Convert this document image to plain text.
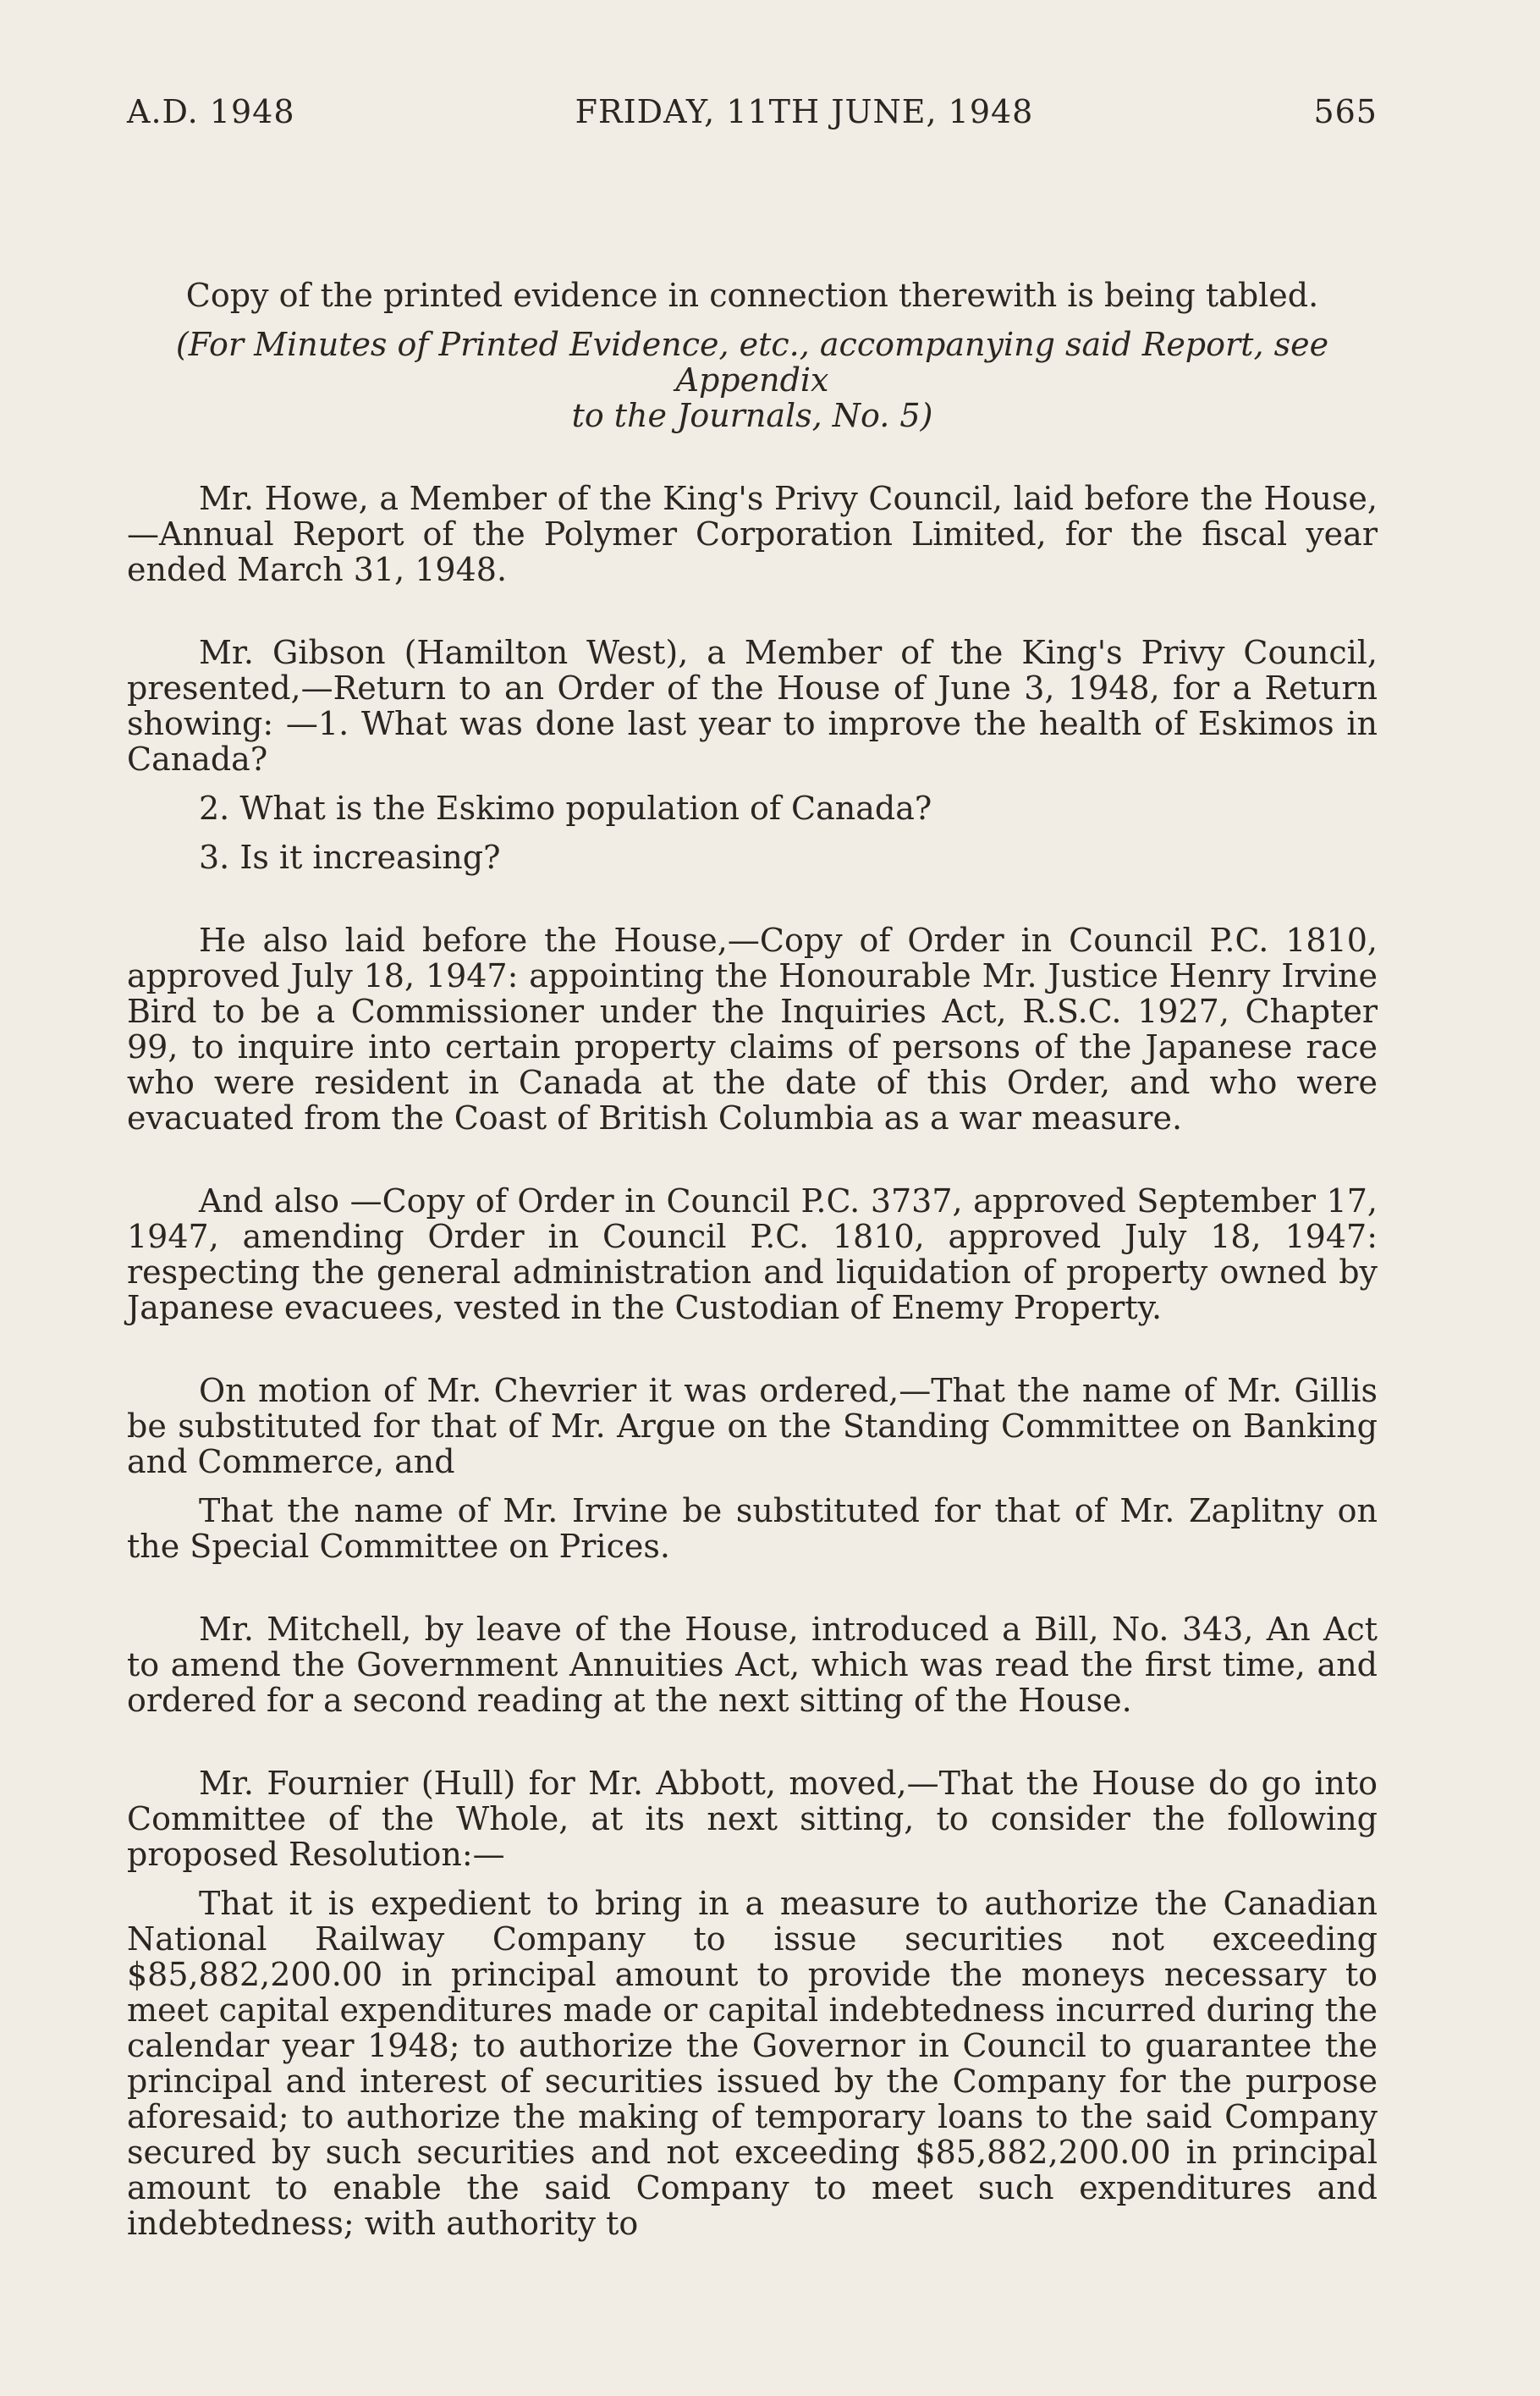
A.D. 1948	FRIDAY, 11TH JUNE, 1948	565

Copy of the printed evidence in connection therewith is being tabled.

(For Minutes of Printed Evidence, etc., accompanying said Report, see Appendix

to the Journals, No. 5)

Mr. Howe, a Member of the King's Privy Council, laid before the House,—Annual Report of the Polymer Corporation Limited, for the fiscal year ended March 31, 1948.

Mr. Gibson (Hamilton West), a Member of the King's Privy Council, presented,—Return to an Order of the House of June 3, 1948, for a Return showing: —1. What was done last year to improve the health of Eskimos in Canada?

2. What is the Eskimo population of Canada?

3. Is it increasing?

He also laid before the House,—Copy of Order in Council P.C. 1810, approved July 18, 1947: appointing the Honourable Mr. Justice Henry Irvine Bird to be a Commissioner under the Inquiries Act, R.S.C. 1927, Chapter 99, to inquire into certain property claims of persons of the Japanese race who were resident in Canada at the date of this Order, and who were evacuated from the Coast of British Columbia as a war measure.

And also —Copy of Order in Council P.C. 3737, approved September 17, 1947, amending Order in Council P.C. 1810, approved July 18, 1947: respecting the general administration and liquidation of property owned by Japanese evacuees, vested in the Custodian of Enemy Property.

On motion of Mr. Chevrier it was ordered,—That the name of Mr. Gillis be substituted for that of Mr. Argue on the Standing Committee on Banking and Commerce, and

That the name of Mr. Irvine be substituted for that of Mr. Zaplitny on the Special Committee on Prices.

Mr. Mitchell, by leave of the House, introduced a Bill, No. 343, An Act to amend the Government Annuities Act, which was read the first time, and ordered for a second reading at the next sitting of the House.

Mr. Fournier (Hull) for Mr. Abbott, moved,—That the House do go into Committee of the Whole, at its next sitting, to consider the following proposed Resolution:—

That it is expedient to bring in a measure to authorize the Canadian National Railway Company to issue securities not exceeding $85,882,200.00 in principal amount to provide the moneys necessary to meet capital expenditures made or capital indebtedness incurred during the calendar year 1948; to authorize the Governor in Council to guarantee the principal and interest of securities issued by the Company for the purpose aforesaid; to authorize the making of temporary loans to the said Company secured by such securities and not exceeding $85,882,200.00 in principal amount to enable the said Company to meet such expenditures and indebtedness; with authority to
